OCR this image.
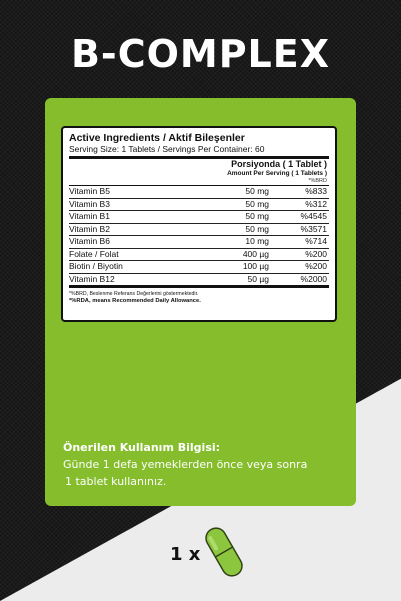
B-COMPLEX
Active Ingredients / Aktif Bileşenler
Serving Size: 1 Tablets / Servings Per Container: 60
Porsiyonda ( 1 Tablet )
Amount Per Serving ( 1 Tablets )
*%BRD
Vitamin B5	50 mg	%833
Vitamin B3	50 mg	%312
Vitamin B1	50 mg	%4545
Vitamin B2	50 mg	%3571
Vitamin B6	10 mg	%714
Folate / Folat	400 µg	%200
Biotin / Biyotin	100 µg	%200
Vitamin B12	50 µg	%2000
*%BRD, Beslenme Referans Değerlerini göstermektedir.
*%RDA, means Recommended Daily Allowance.
Önerilen Kullanım Bilgisi:
Günde 1 defa yemeklerden önce veya sonra
1 tablet kullanınız.
1 x
